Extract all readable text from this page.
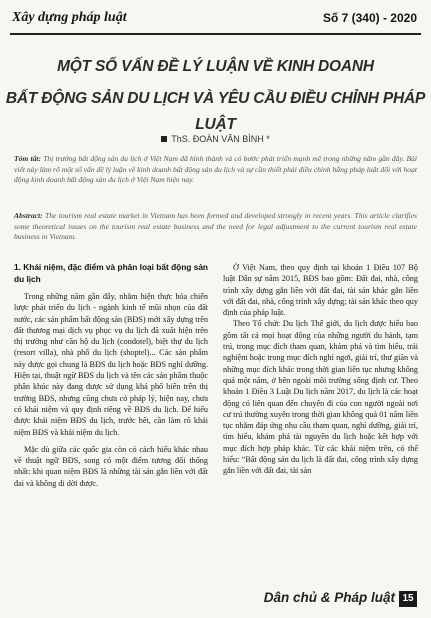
Xây dựng pháp luật	Số 7 (340) - 2020
MỘT SỐ VẤN ĐỀ LÝ LUẬN VỀ KINH DOANH
BẤT ĐỘNG SẢN DU LỊCH VÀ YÊU CẦU ĐIỀU CHỈNH PHÁP LUẬT
ThS. ĐOÀN VĂN BÌNH *
Tóm tắt: Thị trường bất động sản du lịch ở Việt Nam đã hình thành và có bước phát triển mạnh mẽ trong những năm gần đây. Bài viết này làm rõ một số vấn đề lý luận về kinh doanh bất động sản du lịch và sự cần thiết phải điều chỉnh bằng pháp luật đối với hoạt động kinh doanh bất động sản du lịch ở Việt Nam hiện nay.
Abstract: The tourism real estate market in Vietnam has been formed and developed strongly in recent years. This article clarifies some theoretical issues on the tourism real estate business and the need for legal adjustment to the current tourism real estate business in Vietnam.
1. Khái niệm, đặc điểm và phân loại bất động sản du lịch

Trong những năm gần đây, nhằm hiện thực hóa chiến lược phát triển du lịch - ngành kinh tế mũi nhọn của đất nước, các sản phẩm bất động sản (BĐS) mới xây dựng trên đất thương mại dịch vụ phục vụ du lịch đã xuất hiện trên thị trường như căn hộ du lịch (condotel), biệt thự du lịch (resort villa), nhà phố du lịch (shoptel)... Các sản phẩm này được gọi chung là BĐS du lịch hoặc BĐS nghỉ dưỡng. Hiện tại, thuật ngữ BĐS du lịch và tên các sản phẩm thuộc phân khúc này đang được sử dụng khá phổ biến trên thị trường BĐS, nhưng cũng chưa có pháp lý, hiện nay, chưa có khái niệm và quy định riêng về BĐS du lịch. Để hiểu được khái niệm BĐS du lịch, trước hết, cần làm rõ khái niệm BĐS và khái niệm du lịch.

Mặc dù giữa các quốc gia còn có cách hiểu khác nhau về thuật ngữ BĐS, song có một điểm tương đối thống nhất: khi quan niệm BĐS là những tài sản gắn liền với đất đai và không di dời được.

Ở Việt Nam, theo quy định tại khoản 1 Điều 107 Bộ luật Dân sự năm 2015, BĐS bao gồm: Đất đai, nhà, công trình xây dựng gắn liền với đất đai, tài sản khác gắn liền với đất đai, nhà, công trình xây dựng; tài sản khác theo quy định của pháp luật.

Theo Tổ chức Du lịch Thế giới, du lịch được hiểu bao gồm tất cả mọi hoạt động của những người du hành, tạm trú, trong mục đích tham quan, khám phá và tìm hiểu, trải nghiệm hoặc trong mục đích nghỉ ngơi, giải trí, thư giãn và những mục đích khác trong thời gian liên tục nhưng không quá một năm, ở bên ngoài môi trường sống định cư. Theo khoản 1 Điều 3 Luật Du lịch năm 2017, du lịch là các hoạt động có liên quan đến chuyến đi của con người ngoài nơi cư trú thường xuyên trong thời gian không quá 01 năm liên tục nhằm đáp ứng nhu cầu tham quan, nghỉ dưỡng, giải trí, tìm hiểu, khám phá tài nguyên du lịch hoặc kết hợp với mục đích hợp pháp khác. Từ các khái niệm trên, có thể hiểu: “Bất động sản du lịch là đất đai, công trình xây dựng gắn liền với đất đai, tài sản

Dân chủ & Pháp luật 15
